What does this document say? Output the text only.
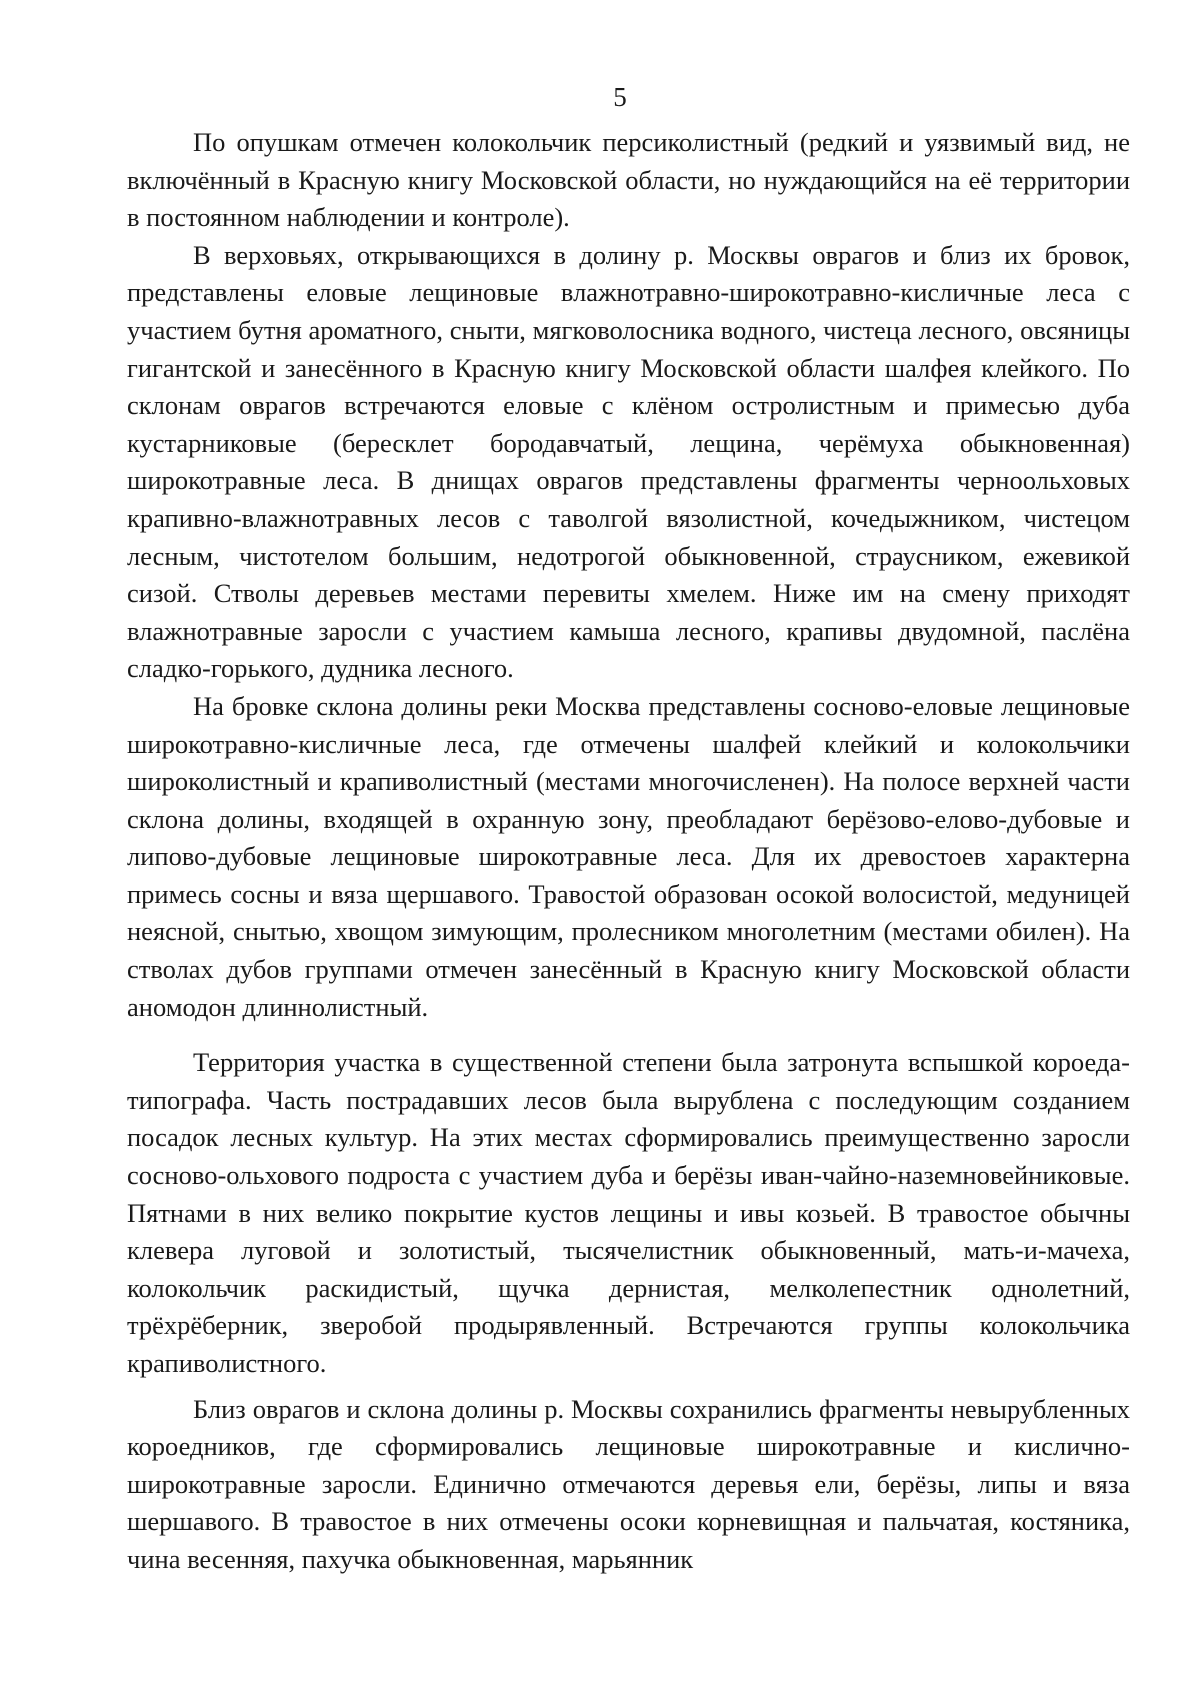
5

По опушкам отмечен колокольчик персиколистный (редкий и уязвимый вид, не включённый в Красную книгу Московской области, но нуждающийся на её территории в постоянном наблюдении и контроле).

В верховьях, открывающихся в долину р. Москвы оврагов и близ их бровок, представлены еловые лещиновые влажнотравно-широкотравно-кисличные леса с участием бутня ароматного, сныти, мягковолосника водного, чистеца лесного, овсяницы гигантской и занесённого в Красную книгу Московской области шалфея клейкого. По склонам оврагов встречаются еловые с клёном остролистным и примесью дуба кустарниковые (бересклет бородавчатый, лещина, черёмуха обыкновенная) широкотравные леса. В днищах оврагов представлены фрагменты черноольховых крапивно-влажнотравных лесов с таволгой вязолистной, кочедыжником, чистецом лесным, чистотелом большим, недотрогой обыкновенной, страусником, ежевикой сизой. Стволы деревьев местами перевиты хмелем. Ниже им на смену приходят влажнотравные заросли с участием камыша лесного, крапивы двудомной, паслёна сладко-горького, дудника лесного.

На бровке склона долины реки Москва представлены сосново-еловые лещиновые широкотравно-кисличные леса, где отмечены шалфей клейкий и колокольчики широколистный и крапиволистный (местами многочисленен). На полосе верхней части склона долины, входящей в охранную зону, преобладают берёзово-елово-дубовые и липово-дубовые лещиновые широкотравные леса. Для их древостоев характерна примесь сосны и вяза щершавого. Травостой образован осокой волосистой, медуницей неясной, снытью, хвощом зимующим, пролесником многолетним (местами обилен). На стволах дубов группами отмечен занесённый в Красную книгу Московской области аномодон длиннолистный.

Территория участка в существенной степени была затронута вспышкой короеда-типографа. Часть пострадавших лесов была вырублена с последующим созданием посадок лесных культур. На этих местах сформировались преимущественно заросли сосново-ольхового подроста с участием дуба и берёзы иван-чайно-наземновейниковые. Пятнами в них велико покрытие кустов лещины и ивы козьей. В травостое обычны клевера луговой и золотистый, тысячелистник обыкновенный, мать-и-мачеха, колокольчик раскидистый, щучка дернистая, мелколепестник однолетний, трёхрёберник, зверобой продырявленный. Встречаются группы колокольчика крапиволистного.

Близ оврагов и склона долины р. Москвы сохранились фрагменты невырубленных короедников, где сформировались лещиновые широкотравные и кислично-широкотравные заросли. Единично отмечаются деревья ели, берёзы, липы и вяза шершавого. В травостое в них отмечены осоки корневищная и пальчатая, костяника, чина весенняя, пахучка обыкновенная, марьянник
